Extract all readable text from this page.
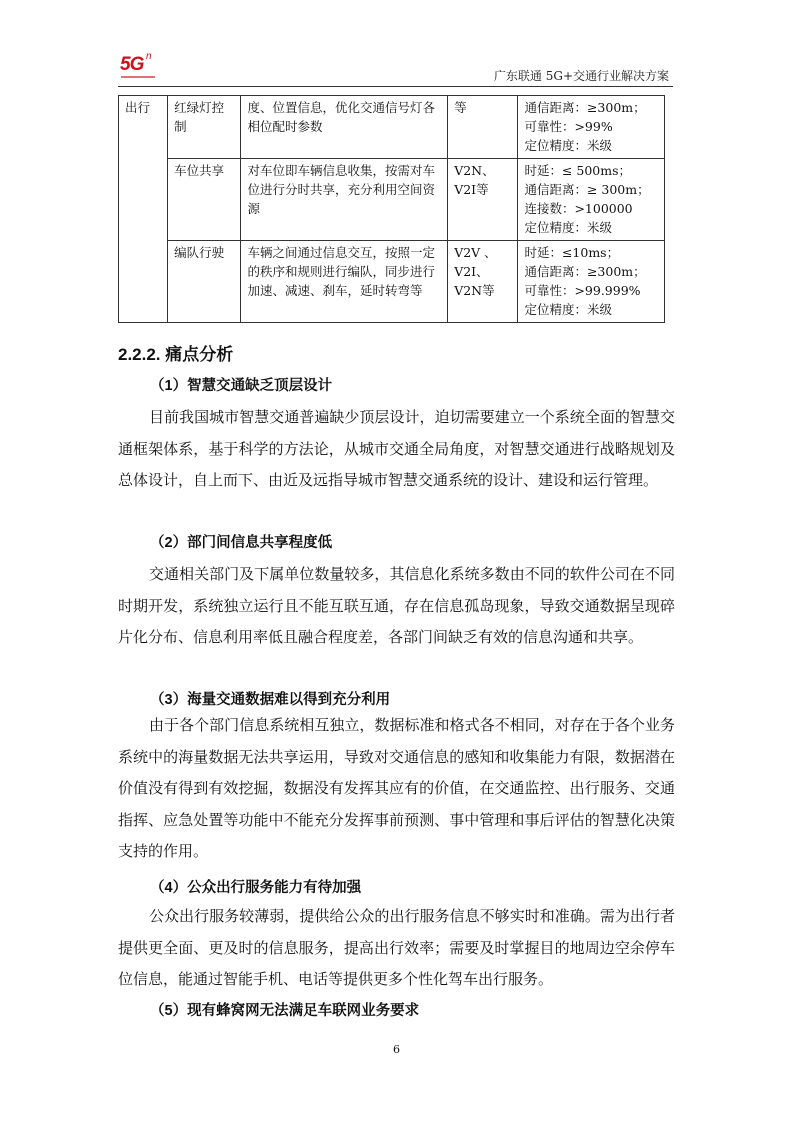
5G n
广东联通 5G+交通行业解决方案
出行	红绿灯控制	度、位置信息，优化交通信号灯各相位配时参数	等	通信距离：≥300m；
可靠性：>99%
定位精度：米级

	车位共享	对车位即车辆信息收集，按需对车位进行分时共享，充分利用空间资源	V2N、V2I等	时延：≤ 500ms；
通信距离：≥ 300m；
连接数：>100000
定位精度：米级

	编队行驶	车辆之间通过信息交互，按照一定的秩序和规则进行编队，同步进行加速、减速、刹车，延时转弯等	V2V 、V2I、V2N等	时延：≤10ms；
通信距离：≥300m；
可靠性：>99.999%
定位精度：米级
2.2.2. 痛点分析
（1）智慧交通缺乏顶层设计
目前我国城市智慧交通普遍缺少顶层设计，迫切需要建立一个系统全面的智慧交通框架体系，基于科学的方法论，从城市交通全局角度，对智慧交通进行战略规划及总体设计，自上而下、由近及远指导城市智慧交通系统的设计、建设和运行管理。
（2）部门间信息共享程度低
交通相关部门及下属单位数量较多，其信息化系统多数由不同的软件公司在不同时期开发，系统独立运行且不能互联互通，存在信息孤岛现象，导致交通数据呈现碎片化分布、信息利用率低且融合程度差，各部门间缺乏有效的信息沟通和共享。
（3）海量交通数据难以得到充分利用
由于各个部门信息系统相互独立，数据标准和格式各不相同，对存在于各个业务系统中的海量数据无法共享运用，导致对交通信息的感知和收集能力有限，数据潜在价值没有得到有效挖掘，数据没有发挥其应有的价值，在交通监控、出行服务、交通指挥、应急处置等功能中不能充分发挥事前预测、事中管理和事后评估的智慧化决策支持的作用。
（4）公众出行服务能力有待加强
公众出行服务较薄弱，提供给公众的出行服务信息不够实时和准确。需为出行者提供更全面、更及时的信息服务，提高出行效率；需要及时掌握目的地周边空余停车位信息，能通过智能手机、电话等提供更多个性化驾车出行服务。
（5）现有蜂窝网无法满足车联网业务要求
6
